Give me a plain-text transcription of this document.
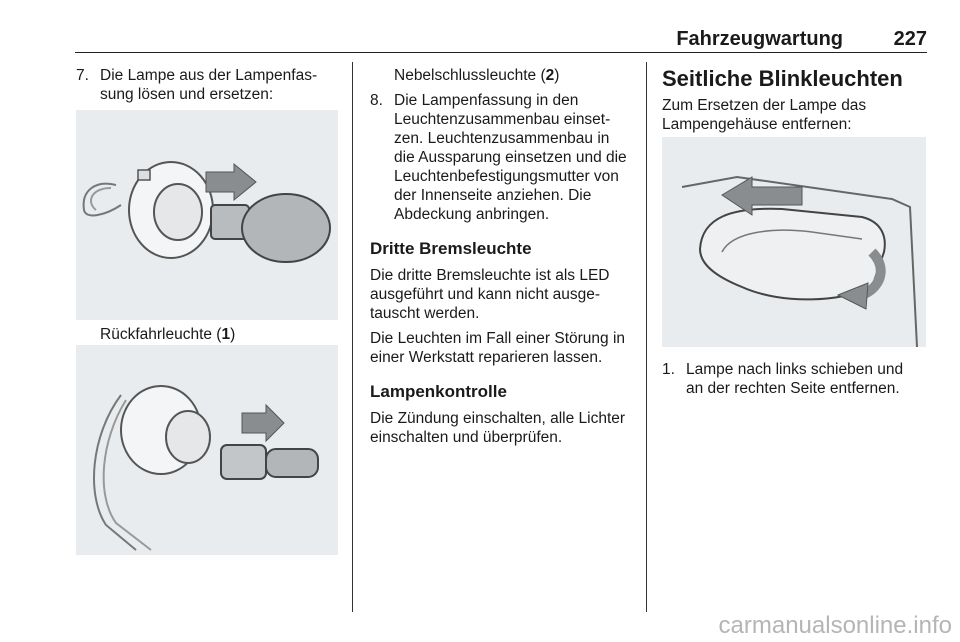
Fahrzeugwartung	227
7. Die Lampe aus der Lampenfas-
sung lösen und ersetzen:
Rückfahrleuchte (1)
Nebelschlussleuchte (2)
8. Die Lampenfassung in den
Leuchtenzusammenbau einset-
zen. Leuchtenzusammenbau in
die Aussparung einsetzen und die
Leuchtenbefestigungsmutter von
der Innenseite anziehen. Die
Abdeckung anbringen.
Dritte Bremsleuchte

Die dritte Bremsleuchte ist als LED
ausgeführt und kann nicht ausge-
tauscht werden.

Die Leuchten im Fall einer Störung in
einer Werkstatt reparieren lassen.

Lampenkontrolle

Die Zündung einschalten, alle Lichter
einschalten und überprüfen.

Seitliche Blinkleuchten

Zum Ersetzen der Lampe das
Lampengehäuse entfernen:

1. Lampe nach links schieben und
an der rechten Seite entfernen.
carmanualsonline.info
